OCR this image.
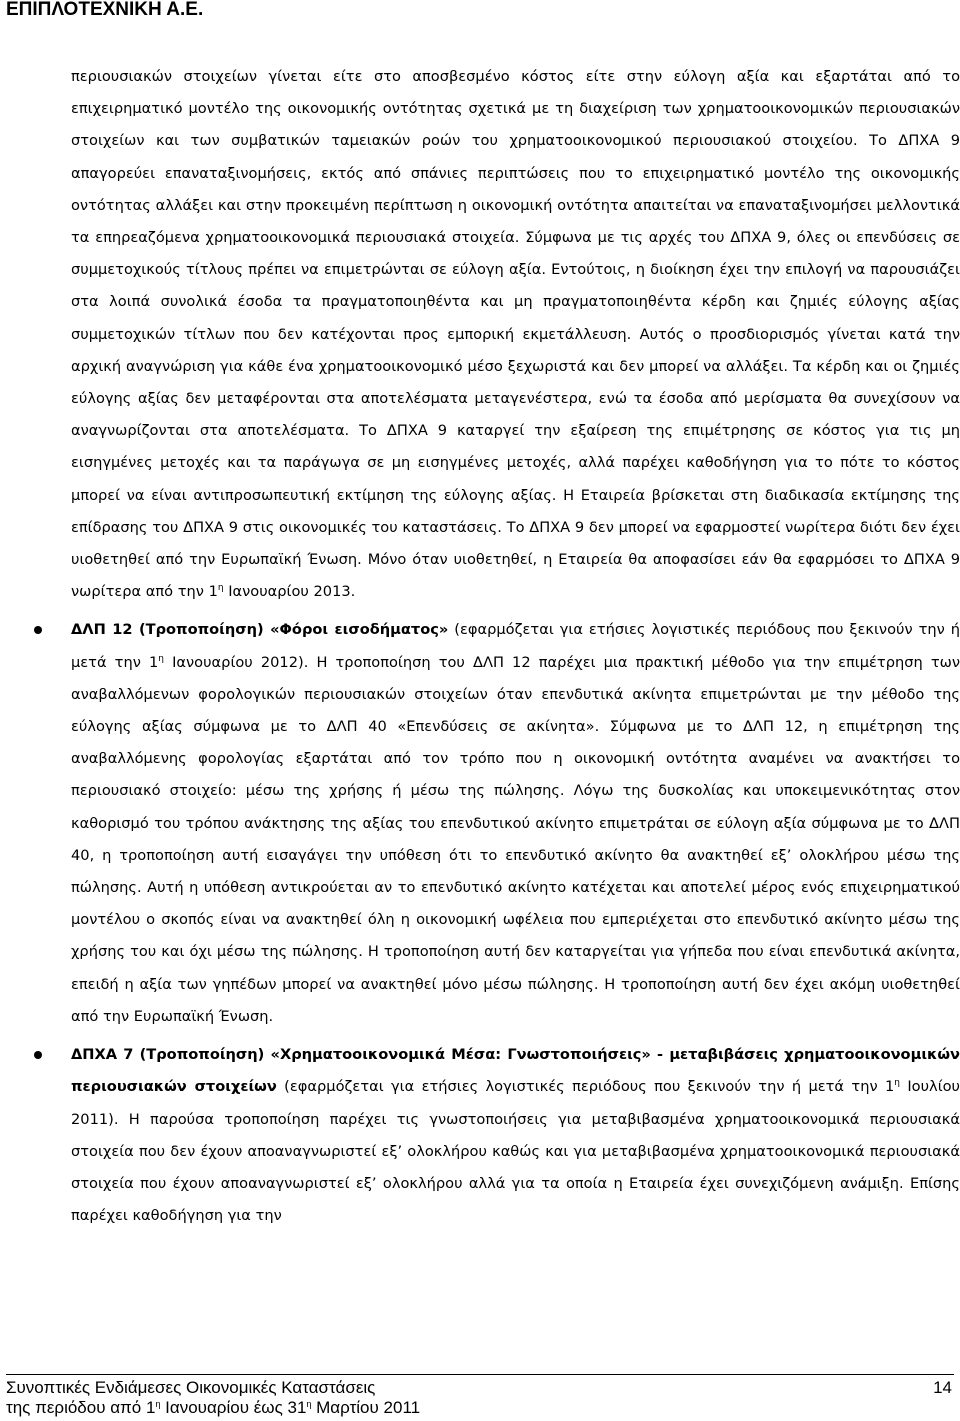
ΕΠΙΠΛΟΤΕΧΝΙΚΗ Α.Ε.

περιουσιακών στοιχείων γίνεται είτε στο αποσβεσμένο κόστος είτε στην εύλογη αξία και εξαρτάται από το επιχειρηματικό μοντέλο της οικονομικής οντότητας σχετικά με τη διαχείριση των χρηματοοικονομικών περιουσιακών στοιχείων και των συμβατικών ταμειακών ροών του χρηματοοικονομικού περιουσιακού στοιχείου. Το ΔΠΧΑ 9 απαγορεύει επαναταξινομήσεις, εκτός από σπάνιες περιπτώσεις που το επιχειρηματικό μοντέλο της οικονομικής οντότητας αλλάξει και στην προκειμένη περίπτωση η οικονομική οντότητα απαιτείται να επαναταξινομήσει μελλοντικά τα επηρεαζόμενα χρηματοοικονομικά περιουσιακά στοιχεία. Σύμφωνα με τις αρχές του ΔΠΧΑ 9, όλες οι επενδύσεις σε συμμετοχικούς τίτλους πρέπει να επιμετρώνται σε εύλογη αξία. Εντούτοις, η διοίκηση έχει την επιλογή να παρουσιάζει στα λοιπά συνολικά έσοδα τα πραγματοποιηθέντα και μη πραγματοποιηθέντα κέρδη και ζημιές εύλογης αξίας συμμετοχικών τίτλων που δεν κατέχονται προς εμπορική εκμετάλλευση. Αυτός ο προσδιορισμός γίνεται κατά την αρχική αναγνώριση για κάθε ένα χρηματοοικονομικό μέσο ξεχωριστά και δεν μπορεί να αλλάξει. Τα κέρδη και οι ζημιές εύλογης αξίας δεν μεταφέρονται στα αποτελέσματα μεταγενέστερα, ενώ τα έσοδα από μερίσματα θα συνεχίσουν να αναγνωρίζονται στα αποτελέσματα. Το ΔΠΧΑ 9 καταργεί την εξαίρεση της επιμέτρησης σε κόστος για τις μη εισηγμένες μετοχές και τα παράγωγα σε μη εισηγμένες μετοχές, αλλά παρέχει καθοδήγηση για το πότε το κόστος μπορεί να είναι αντιπροσωπευτική εκτίμηση της εύλογης αξίας. Η Εταιρεία βρίσκεται στη διαδικασία εκτίμησης της επίδρασης του ΔΠΧΑ 9 στις οικονομικές του καταστάσεις. Το ΔΠΧΑ 9 δεν μπορεί να εφαρμοστεί νωρίτερα διότι δεν έχει υιοθετηθεί από την Ευρωπαϊκή Ένωση. Μόνο όταν υιοθετηθεί, η Εταιρεία θα αποφασίσει εάν θα εφαρμόσει το ΔΠΧΑ 9 νωρίτερα από την $1^\eta$ Ιανουαρίου 2013.

ΔΛΠ 12 (Τροποποίηση) «Φόροι εισοδήματος» (εφαρμόζεται για ετήσιες λογιστικές περιόδους που ξεκινούν την ή μετά την $1^\eta$ Ιανουαρίου 2012). Η τροποποίηση του ΔΛΠ 12 παρέχει μια πρακτική μέθοδο για την επιμέτρηση των αναβαλλόμενων φορολογικών περιουσιακών στοιχείων όταν επενδυτικά ακίνητα επιμετρώνται με την μέθοδο της εύλογης αξίας σύμφωνα με το ΔΛΠ 40 «Επενδύσεις σε ακίνητα». Σύμφωνα με το ΔΛΠ 12, η επιμέτρηση της αναβαλλόμενης φορολογίας εξαρτάται από τον τρόπο που η οικονομική οντότητα αναμένει να ανακτήσει το περιουσιακό στοιχείο: μέσω της χρήσης ή μέσω της πώλησης. Λόγω της δυσκολίας και υποκειμενικότητας στον καθορισμό του τρόπου ανάκτησης της αξίας του επενδυτικού ακίνητο επιμετράται σε εύλογη αξία σύμφωνα με το ΔΛΠ 40, η τροποποίηση αυτή εισαγάγει την υπόθεση ότι το επενδυτικό ακίνητο θα ανακτηθεί εξ’ ολοκλήρου μέσω της πώλησης. Αυτή η υπόθεση αντικρούεται αν το επενδυτικό ακίνητο κατέχεται και αποτελεί μέρος ενός επιχειρηματικού μοντέλου ο σκοπός είναι να ανακτηθεί όλη η οικονομική ωφέλεια που εμπεριέχεται στο επενδυτικό ακίνητο μέσω της χρήσης του και όχι μέσω της πώλησης. Η τροποποίηση αυτή δεν καταργείται για γήπεδα που είναι επενδυτικά ακίνητα, επειδή η αξία των γηπέδων μπορεί να ανακτηθεί μόνο μέσω πώλησης. Η τροποποίηση αυτή δεν έχει ακόμη υιοθετηθεί από την Ευρωπαϊκή Ένωση.

ΔΠΧΑ 7 (Τροποποίηση) «Χρηματοοικονομικά Μέσα: Γνωστοποιήσεις» - μεταβιβάσεις χρηματοοικονομικών περιουσιακών στοιχείων (εφαρμόζεται για ετήσιες λογιστικές περιόδους που ξεκινούν την ή μετά την $1^\eta$ Ιουλίου 2011). Η παρούσα τροποποίηση παρέχει τις γνωστοποιήσεις για μεταβιβασμένα χρηματοοικονομικά περιουσιακά στοιχεία που δεν έχουν αποαναγνωριστεί εξ’ ολοκλήρου καθώς και για μεταβιβασμένα χρηματοοικονομικά περιουσιακά στοιχεία που έχουν αποαναγνωριστεί εξ’ ολοκλήρου αλλά για τα οποία η Εταιρεία έχει συνεχιζόμενη ανάμιξη. Επίσης παρέχει καθοδήγηση για την

Συνοπτικές Ενδιάμεσες Οικονομικές Καταστάσεις
της περιόδου από $1^\eta$ Ιανουαρίου έως $31^\eta$ Μαρτίου 2011
14
